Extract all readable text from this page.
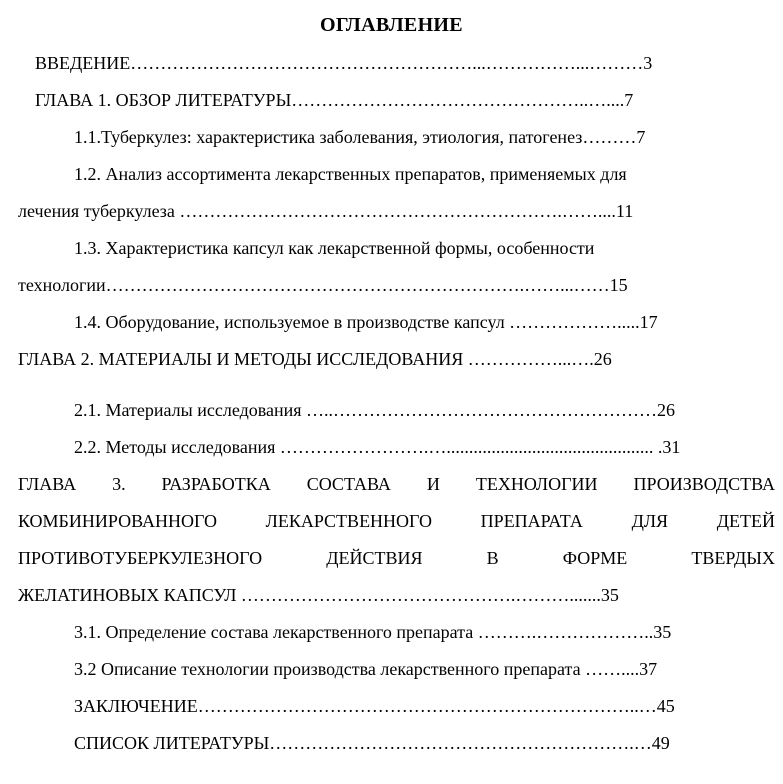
ОГЛАВЛЕНИЕ
ВВЕДЕНИЕ…………………………………………………...……………...………3
ГЛАВА 1. ОБЗОР ЛИТЕРАТУРЫ…………………………………………..…....7
1.1.Туберкулез: характеристика заболевания, этиология, патогенез………7
1.2. Анализ ассортимента лекарственных препаратов, применяемых для
лечения туберкулеза ……………………………………………………….……....11
1.3. Характеристика капсул как лекарственной формы, особенности
технологии…………………………………………………………….……...……15
1.4. Оборудование, используемое в производстве капсул ……………….....17
ГЛАВА 2. МАТЕРИАЛЫ И МЕТОДЫ ИССЛЕДОВАНИЯ ……………...….26
2.1. Материалы исследования …..………………………………………………26
2.2. Методы исследования …………………….….............................................. .31
ГЛАВА 3. РАЗРАБОТКА СОСТАВА И ТЕХНОЛОГИИ ПРОИЗВОДСТВА
КОМБИНИРОВАННОГО ЛЕКАРСТВЕННОГО ПРЕПАРАТА ДЛЯ ДЕТЕЙ
ПРОТИВОТУБЕРКУЛЕЗНОГО ДЕЙСТВИЯ В ФОРМЕ ТВЕРДЫХ
ЖЕЛАТИНОВЫХ КАПСУЛ ……………………………………….……….......35
3.1. Определение состава лекарственного препарата ……….………………..35
3.2 Описание технологии производства лекарственного препарата ……....37
ЗАКЛЮЧЕНИЕ………………………………………………………………..…45
СПИСОК ЛИТЕРАТУРЫ…………………………………………………….…49
